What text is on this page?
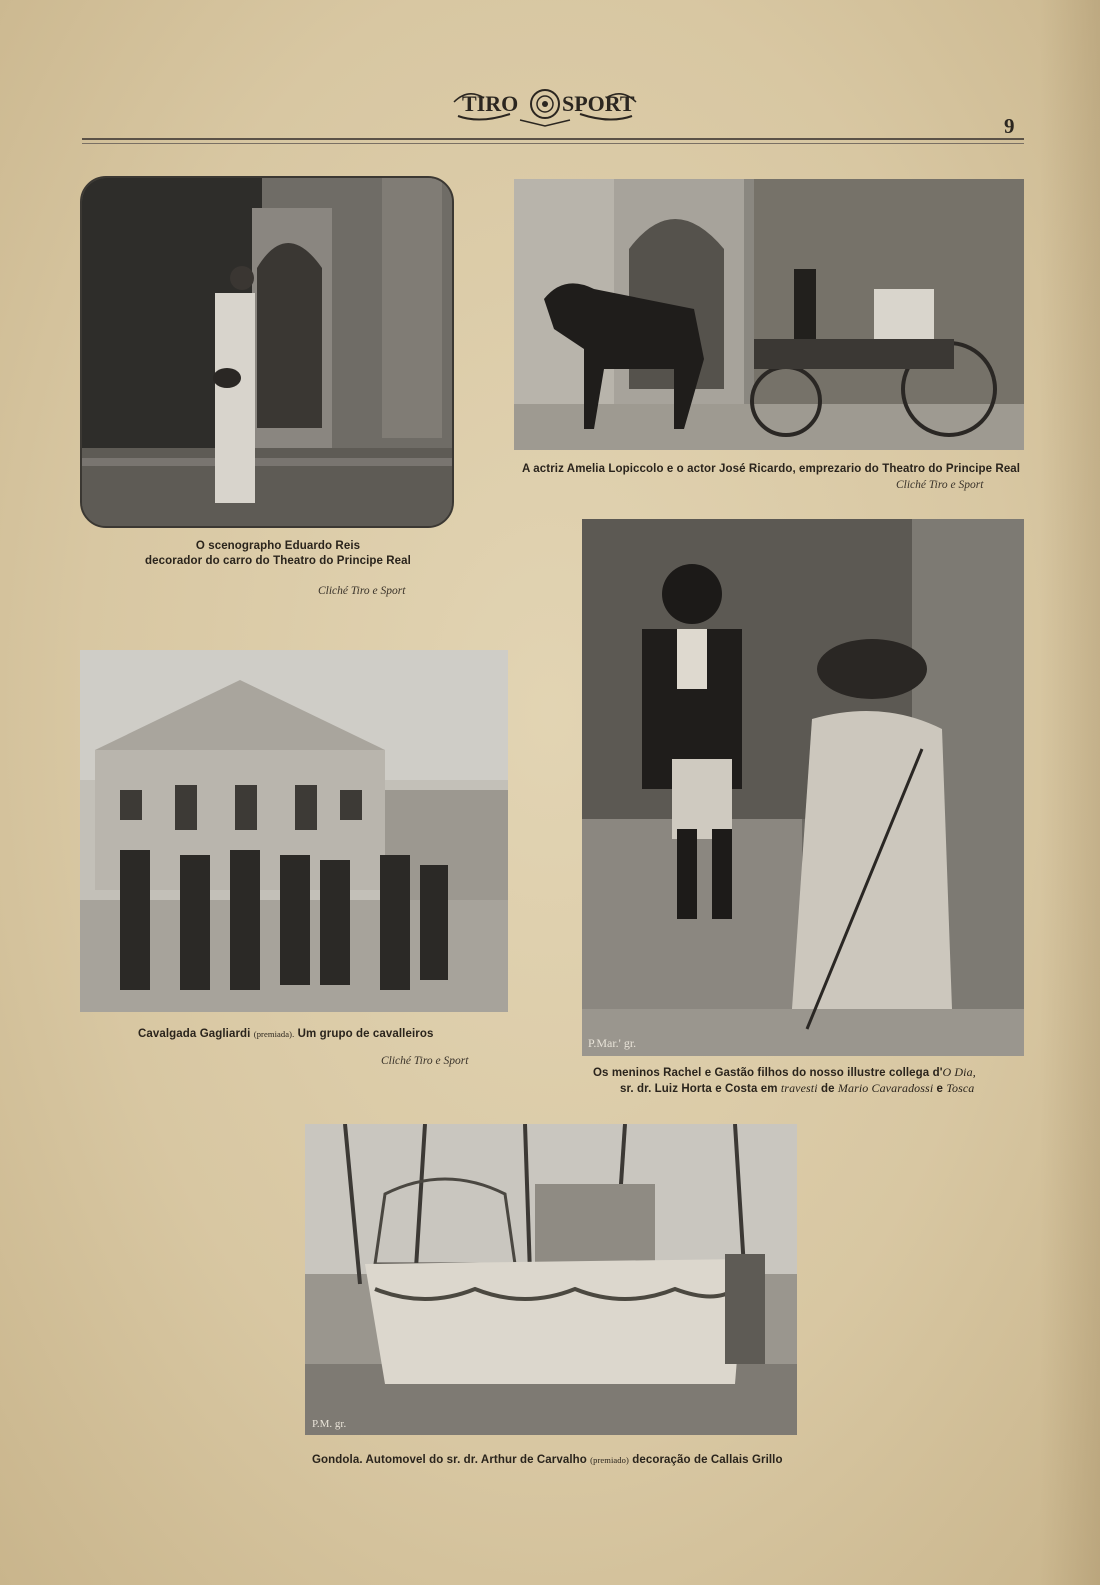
TIRO SPORT
9
O scenographo Eduardo Reis
decorador do carro do Theatro do Principe Real
Cliché Tiro e Sport
A actriz Amelia Lopiccolo e o actor José Ricardo, emprezario do Theatro do Principe Real
Cliché Tiro e Sport
Cavalgada Gagliardi (premiada). Um grupo de cavalleiros
Cliché Tiro e Sport
Os meninos Rachel e Gastão filhos do nosso illustre collega d'O Dia,
sr. dr. Luiz Horta e Costa em travesti de Mario Cavaradossi e Tosca
P.Mar.' gr.
P.M. gr.
Gondola. Automovel do sr. dr. Arthur de Carvalho (premiado) decoração de Callais Grillo
